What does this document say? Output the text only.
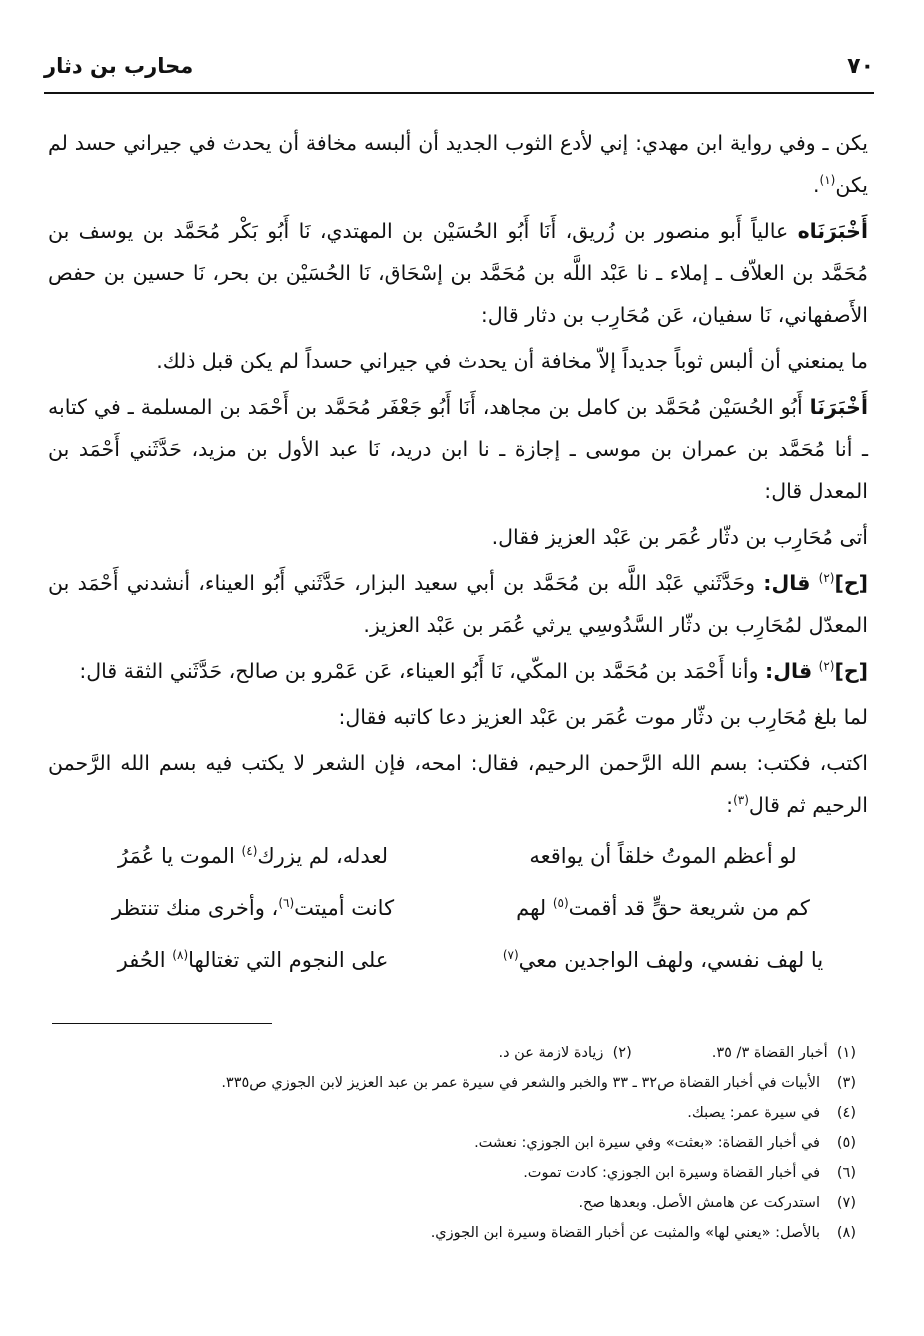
٧٠
محارب بن دثار

يكن ـ وفي رواية ابن مهدي: إني لأدع الثوب الجديد أن ألبسه مخافة أن يحدث في جيراني حسد لم يكن$^{(١)}$.

أَخْبَرَنَاه عالياً أَبو منصور بن زُريق، أَنَا أَبُو الحُسَيْن بن المهتدي، نَا أَبُو بَكْر مُحَمَّد بن يوسف بن مُحَمَّد بن العلاّف ـ إملاء ـ نا عَبْد اللَّه بن مُحَمَّد بن إسْحَاق، نَا الحُسَيْن بن بحر، نَا حسين بن حفص الأَصفهاني، نَا سفيان، عَن مُحَارِب بن دثار قال:

ما يمنعني أن ألبس ثوباً جديداً إلاّ مخافة أن يحدث في جيراني حسداً لم يكن قبل ذلك.

أَخْبَرَنَا أَبُو الحُسَيْن مُحَمَّد بن كامل بن مجاهد، أَنَا أَبُو جَعْفَر مُحَمَّد بن أَحْمَد بن المسلمة ـ في كتابه ـ أنا مُحَمَّد بن عمران بن موسى ـ إجازة ـ نا ابن دريد، نَا عبد الأول بن مزيد، حَدَّثَني أَحْمَد بن المعدل قال:

أتى مُحَارِب بن دثّار عُمَر بن عَبْد العزيز فقال.

[ح]$^{(٢)}$ قال: وحَدَّثَني عَبْد اللَّه بن مُحَمَّد بن أبي سعيد البزار، حَدَّثَني أَبُو العيناء، أنشدني أَحْمَد بن المعدّل لمُحَارِب بن دثّار السَّدُوسِي يرثي عُمَر بن عَبْد العزيز.

[ح]$^{(٢)}$ قال: وأنا أَحْمَد بن مُحَمَّد بن المكّي، نَا أَبُو العيناء، عَن عَمْرو بن صالح، حَدَّثَني الثقة قال:

لما بلغ مُحَارِب بن دثّار موت عُمَر بن عَبْد العزيز دعا كاتبه فقال:

اكتب، فكتب: بسم الله الرَّحمن الرحيم، فقال: امحه، فإن الشعر لا يكتب فيه بسم الله الرَّحمن الرحيم ثم قال$^{(٣)}$:

لو أعظم الموتُ خلقاً أن يواقعه
لعدله، لم يزرك$^{(٤)}$ الموت يا عُمَرُ
كم من شريعة حقٍّ قد أقمت$^{(٥)}$ لهم
كانت أميتت$^{(٦)}$، وأخرى منك تنتظر
يا لهف نفسي، ولهف الواجدين معي$^{(٧)}$
على النجوم التي تغتالها$^{(٨)}$ الحُفر
(١)  أخبار القضاة ٣/ ٣٥.
(٢)  زيادة لازمة عن د.
(٣)
الأبيات في أخبار القضاة ص٣٢ ـ ٣٣ والخبر والشعر في سيرة عمر بن عبد العزيز لابن الجوزي ص٣٣٥.
(٤)
في سيرة عمر: يصبك.
(٥)
في أخبار القضاة: «بعثت» وفي سيرة ابن الجوزي: نعشت.
(٦)
في أخبار القضاة وسيرة ابن الجوزي: كادت تموت.
(٧)
استدركت عن هامش الأصل. وبعدها صح.
(٨)
بالأصل: «يعني لها» والمثبت عن أخبار القضاة وسيرة ابن الجوزي.
